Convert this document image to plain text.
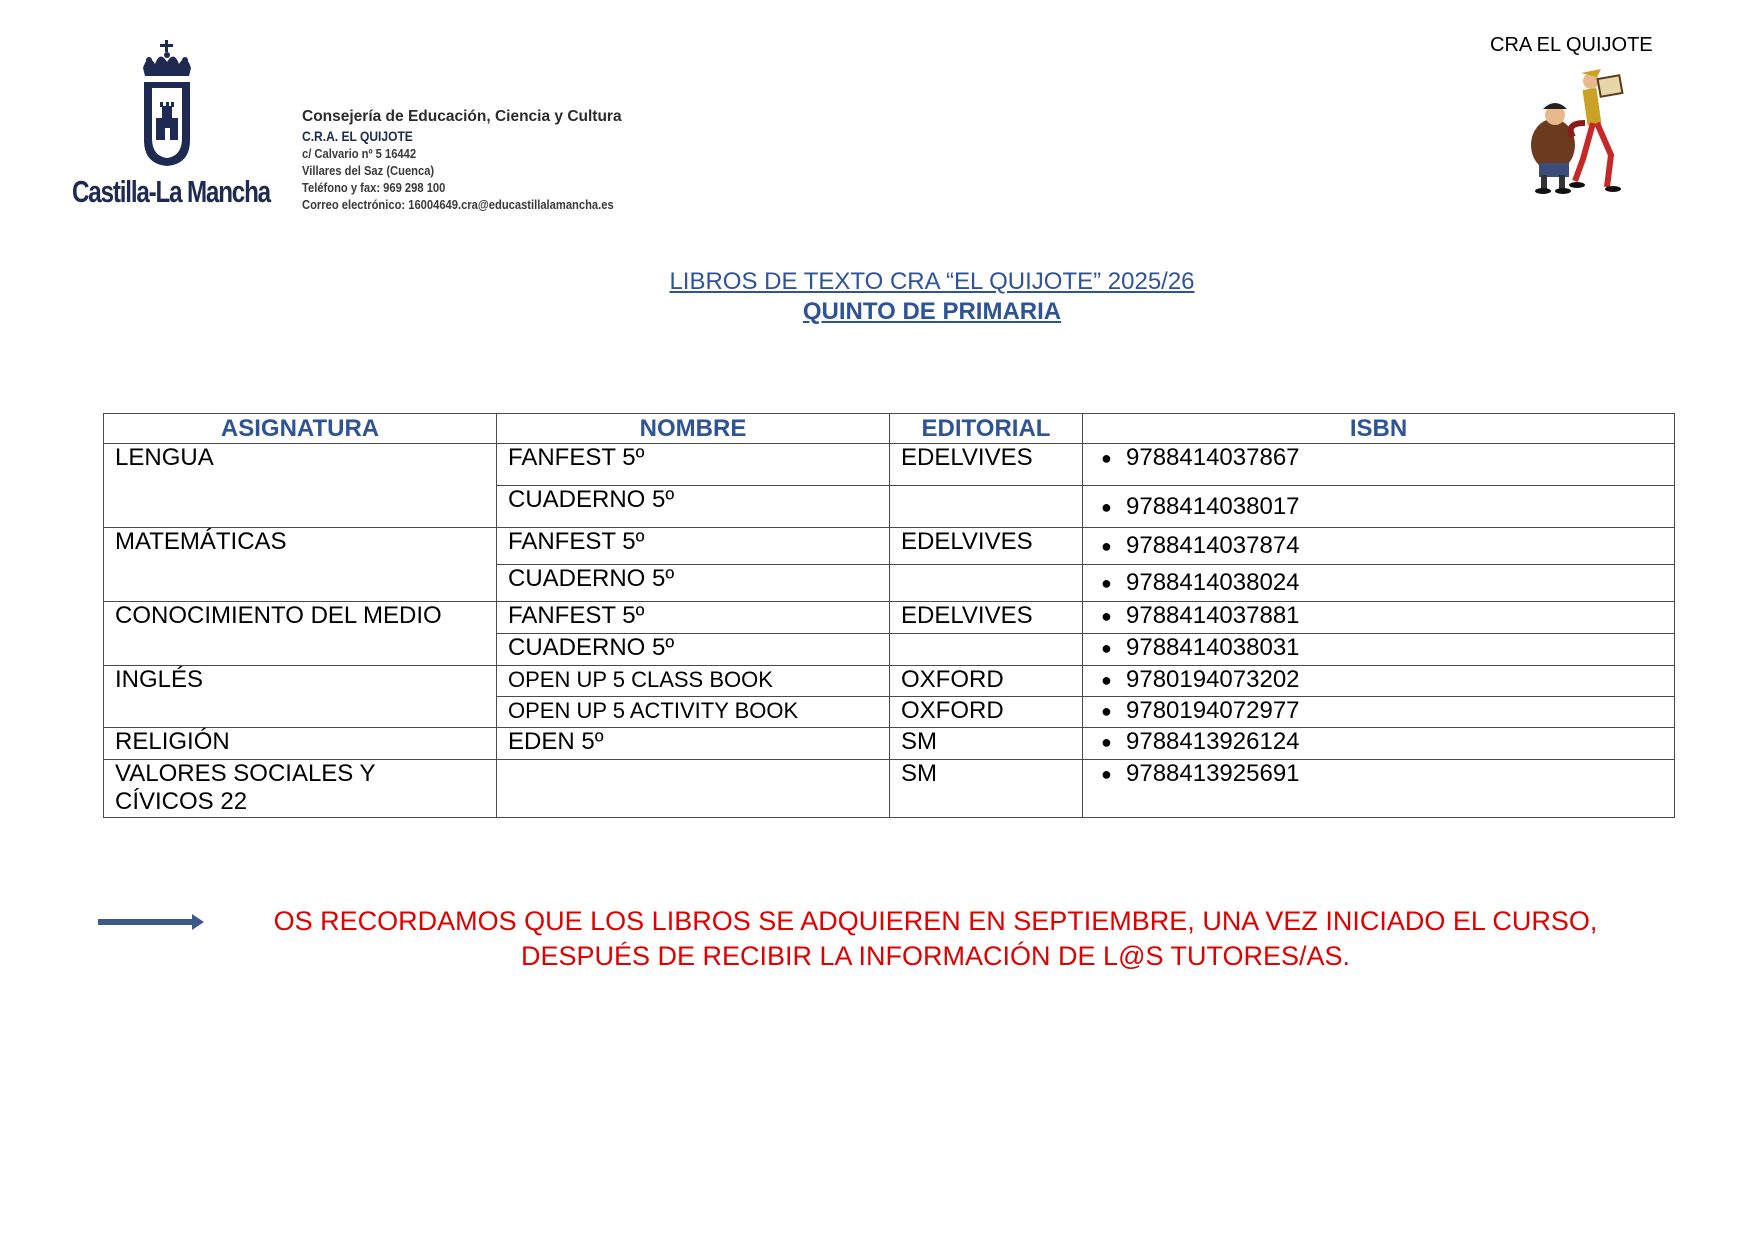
Castilla-La Mancha
Consejería de Educación, Ciencia y Cultura
C.R.A. EL QUIJOTE
c/ Calvario nº 5 16442
Villares del Saz (Cuenca)
Teléfono y fax: 969 298 100
Correo electrónico: 16004649.cra@educastillalamancha.es
CRA EL QUIJOTE
LIBROS DE TEXTO CRA “EL QUIJOTE” 2025/26
QUINTO DE PRIMARIA
ASIGNATURA	NOMBRE	EDITORIAL	ISBN
LENGUA	FANFEST 5º	EDELVIVES	● 9788414037867
	CUADERNO 5º		● 9788414038017
MATEMÁTICAS	FANFEST 5º	EDELVIVES	● 9788414037874
	CUADERNO 5º		● 9788414038024
CONOCIMIENTO DEL MEDIO	FANFEST 5º	EDELVIVES	● 9788414037881
	CUADERNO 5º		● 9788414038031
INGLÉS	OPEN UP 5 CLASS BOOK	OXFORD	● 9780194073202
	OPEN UP 5 ACTIVITY BOOK	OXFORD	● 9780194072977
RELIGIÓN	EDEN 5º	SM	● 9788413926124
VALORES SOCIALES Y CÍVICOS 22		SM	● 9788413925691
OS RECORDAMOS QUE LOS LIBROS SE ADQUIEREN EN SEPTIEMBRE, UNA VEZ INICIADO EL CURSO,
DESPUÉS DE RECIBIR LA INFORMACIÓN DE L@S TUTORES/AS.
